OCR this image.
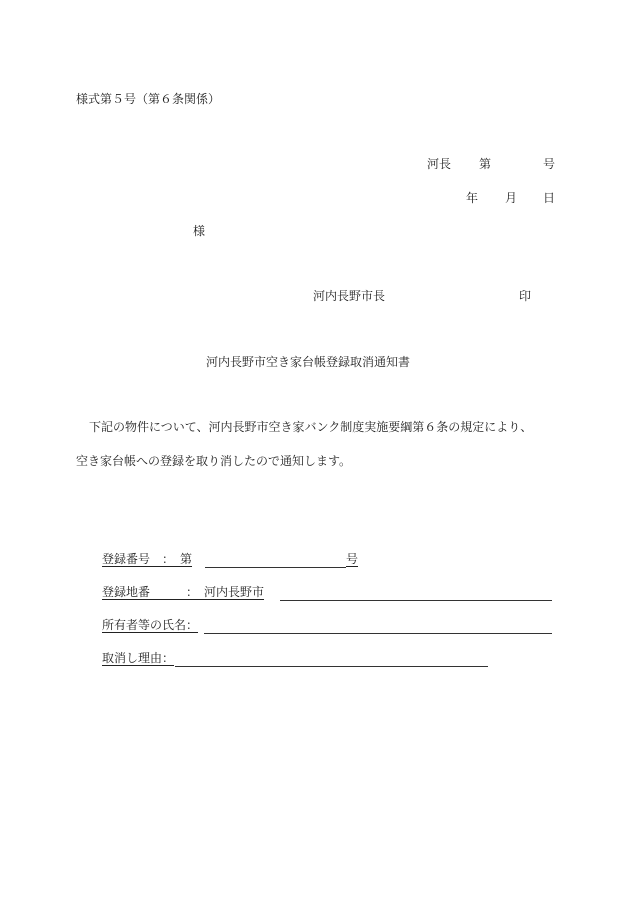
様式第５号（第６条関係）
河長 第	号
年 月 日
様
河内長野市長	印
河内長野市空き家台帳登録取消通知書
下記の物件について、河内長野市空き家バンク制度実施要綱第６条の規定により、
空き家台帳への登録を取り消したので通知します。
登録番号　：　第	号
登録地番　　　：　河内長野市
所有者等の氏名：
取消し理由：
